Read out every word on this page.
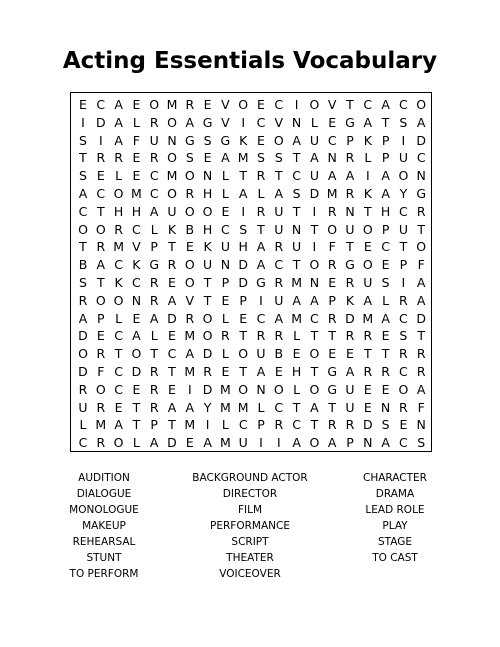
Acting Essentials Vocabulary
E C A E O M R E V O E C I O V T C A C O
I D A L R O A G V I C V N L E G A T S A
S I A F U N G S G K E O A U C P K P I D
T R R E R O S E A M S S T A N R L P U C
S E L E C M O N L T R T C U A A I A O N
A C O M C O R H L A L A S D M R K A Y G
C T H H A U O O E I R U T I R N T H C R
O O R C L K B H C S T U N T O U O P U T
T R M V P T E K U H A R U I F T E C T O
B A C K G R O U N D A C T O R G O E P F
S T K C R E O T P D G R M N E R U S I A
R O O N R A V T E P I U A A P K A L R A
A P L E A D R O L E C A M C R D M A C D
D E C A L E M O R T R R L T T R R E S T
O R T O T C A D L O U B E O E E T T R R
D F C D R T M R E T A E H T G A R R C R
R O C E R E I D M O N O L O G U E E O A
U R E T R A A Y M M L C T A T U E N R F
L M A T P T M I L C P R C T R R D S E N
C R O L A D E A M U I	I A O A P N A C S
AUDITION
DIALOGUE
MONOLOGUE
MAKEUP
REHEARSAL
STUNT
TO PERFORM
BACKGROUND ACTOR
DIRECTOR
FILM
PERFORMANCE
SCRIPT
THEATER
VOICEOVER
CHARACTER
DRAMA
LEAD ROLE
PLAY
STAGE
TO CAST
